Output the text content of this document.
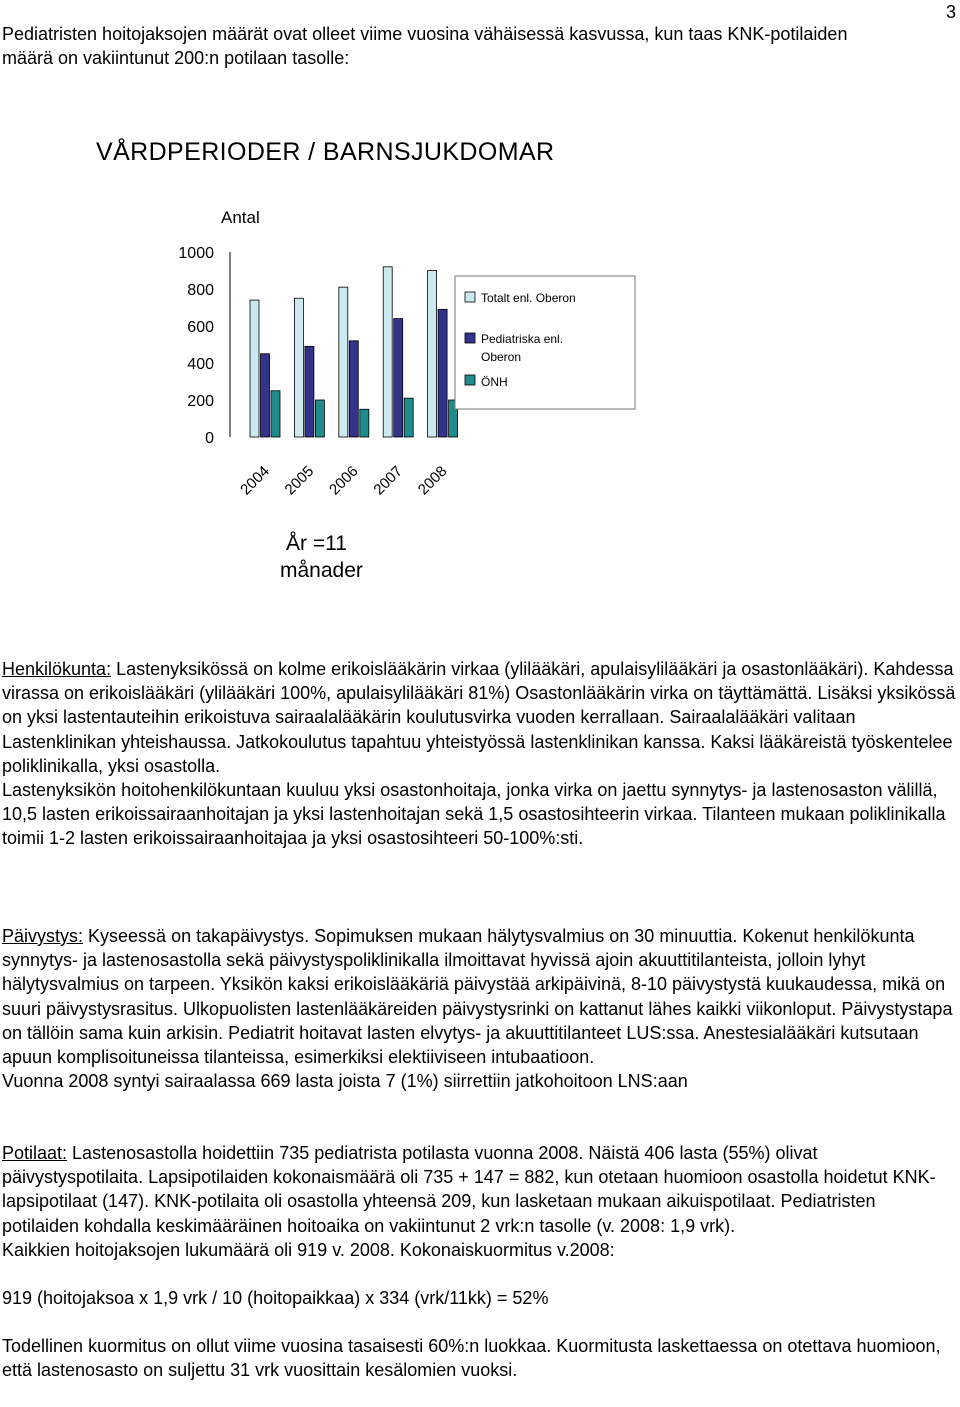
3
Pediatristen hoitojaksojen määrät ovat olleet viime vuosina vähäisessä kasvussa, kun taas KNK-potilaiden määrä on vakiintunut 200:n potilaan tasolle:
VÅRDPERIODER / BARNSJUKDOMAR
Antal
0
200
400
600
800
1000
2004 2005 2006 2007 2008
Totalt enl. Oberon
Pediatriska enl.
Oberon
ÖNH
År =11
månader

Henkilökunta: Lastenyksikössä on kolme erikoislääkärin virkaa (ylilääkäri, apulaisylilääkäri ja osastonlääkäri). Kahdessa virassa on erikoislääkäri (ylilääkäri 100%, apulaisylilääkäri 81%) Osastonlääkärin virka on täyttämättä. Lisäksi yksikössä on yksi lastentauteihin erikoistuva sairaalalääkärin koulutusvirka vuoden kerrallaan. Sairaalalääkäri valitaan Lastenklinikan yhteishaussa. Jatkokoulutus tapahtuu yhteistyössä lastenklinikan kanssa. Kaksi lääkäreistä työskentelee poliklinikalla, yksi osastolla.

Lastenyksikön hoitohenkilökuntaan kuuluu yksi osastonhoitaja, jonka virka on jaettu synnytys- ja lastenosaston välillä, 10,5 lasten erikoissairaanhoitajan ja yksi lastenhoitajan sekä 1,5 osastosihteerin virkaa. Tilanteen mukaan poliklinikalla toimii 1-2 lasten erikoissairaanhoitajaa ja yksi osastosihteeri 50-100%:sti.

Päivystys: Kyseessä on takapäivystys. Sopimuksen mukaan hälytysvalmius on 30 minuuttia. Kokenut henkilökunta synnytys- ja lastenosastolla sekä päivystyspoliklinikalla ilmoittavat hyvissä ajoin akuuttitilanteista, jolloin lyhyt hälytysvalmius on tarpeen. Yksikön kaksi erikoislääkäriä päivystää arkipäivinä, 8-10 päivystystä kuukaudessa, mikä on suuri päivystysrasitus. Ulkopuolisten lastenlääkäreiden päivystysrinki on kattanut lähes kaikki viikonloput. Päivystystapa on tällöin sama kuin arkisin. Pediatrit hoitavat lasten elvytys- ja akuuttitilanteet LUS:ssa. Anestesialääkäri kutsutaan apuun komplisoituneissa tilanteissa, esimerkiksi elektiiviseen intubaatioon.

Vuonna 2008 syntyi sairaalassa 669 lasta joista 7 (1%) siirrettiin jatkohoitoon LNS:aan

Potilaat: Lastenosastolla hoidettiin 735 pediatrista potilasta vuonna 2008. Näistä 406 lasta (55%) olivat päivystyspotilaita. Lapsipotilaiden kokonaismäärä oli 735 + 147 = 882, kun otetaan huomioon osastolla hoidetut KNK-lapsipotilaat (147). KNK-potilaita oli osastolla yhteensä 209, kun lasketaan mukaan aikuispotilaat. Pediatristen potilaiden kohdalla keskimääräinen hoitoaika on vakiintunut 2 vrk:n tasolle (v. 2008: 1,9 vrk).

Kaikkien hoitojaksojen lukumäärä oli 919 v. 2008. Kokonaiskuormitus v.2008:

919 (hoitojaksoa x 1,9 vrk / 10 (hoitopaikkaa) x 334 (vrk/11kk) = 52%

Todellinen kuormitus on ollut viime vuosina tasaisesti 60%:n luokkaa. Kuormitusta laskettaessa on otettava huomioon, että lastenosasto on suljettu 31 vrk vuosittain kesälomien vuoksi.
